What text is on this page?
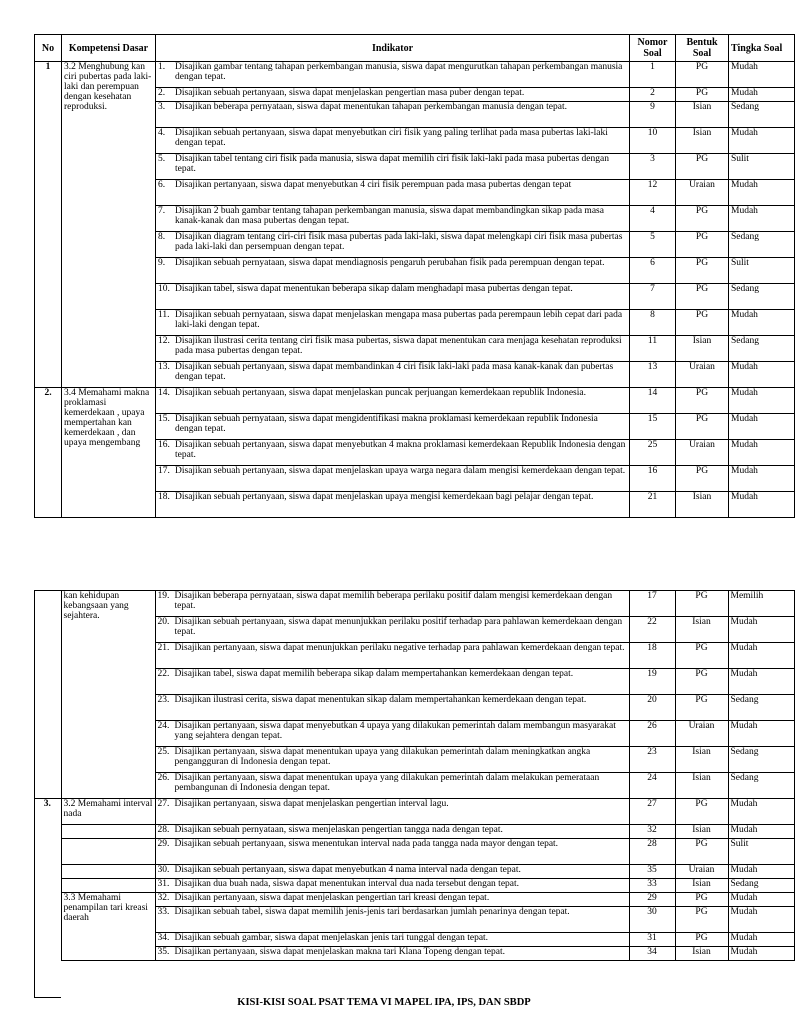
No	Kompetensi Dasar	Indikator	Nomor Soal	Bentuk Soal	Tingka Soal
1	3.2 Menghubung kan ciri pubertas pada laki-laki dan perempuan dengan kesehatan reproduksi.	1. Disajikan gambar tentang tahapan perkembangan manusia, siswa dapat mengurutkan tahapan perkembangan manusia dengan tepat.	1	PG	Mudah

		2. Disajikan sebuah pertanyaan, siswa dapat menjelaskan pengertian masa puber dengan tepat.	2	PG	Mudah

		3. Disajikan beberapa pernyataan, siswa dapat menentukan tahapan perkembangan manusia dengan tepat.	9	Isian	Sedang

		4. Disajikan sebuah pertanyaan, siswa dapat menyebutkan ciri fisik yang paling terlihat pada masa pubertas laki-laki dengan tepat.	10	Isian	Mudah

		5. Disajikan tabel tentang ciri fisik pada manusia, siswa dapat memilih ciri fisik laki-laki pada masa pubertas dengan tepat.	3	PG	Sulit

		6. Disajikan pertanyaan, siswa dapat menyebutkan 4 ciri fisik perempuan pada masa pubertas dengan tepat	12	Uraian	Mudah

		7. Disajikan 2 buah gambar tentang tahapan perkembangan manusia, siswa dapat membandingkan sikap pada masa kanak-kanak dan masa pubertas dengan tepat.	4	PG	Mudah

		8. Disajikan diagram tentang ciri-ciri fisik masa pubertas pada laki-laki, siswa dapat melengkapi ciri fisik masa pubertas pada laki-laki dan persempuan dengan tepat.	5	PG	Sedang

		9. Disajikan sebuah pernyataan, siswa dapat mendiagnosis pengaruh perubahan fisik pada perempuan dengan tepat.	6	PG	Sulit

		10. Disajikan tabel, siswa dapat menentukan beberapa sikap dalam menghadapi masa pubertas dengan tepat.	7	PG	Sedang

		11. Disajikan sebuah pernyataan, siswa dapat menjelaskan mengapa masa pubertas pada perempaun lebih cepat dari pada laki-laki dengan tepat.	8	PG	Mudah

		12. Disajikan ilustrasi cerita tentang ciri fisik masa pubertas, siswa dapat menentukan cara menjaga kesehatan reproduksi pada masa pubertas dengan tepat.	11	Isian	Sedang

		13. Disajikan sebuah pertanyaan, siswa dapat membandinkan 4 ciri fisik laki-laki pada masa kanak-kanak dan pubertas dengan tepat.	13	Uraian	Mudah
2.	3.4 Memahami makna proklamasi kemerdekaan , upaya mempertahan kan kemerdekaan , dan upaya mengembang	14. Disajikan sebuah pertanyaan, siswa dapat menjelaskan puncak perjuangan kemerdekaan republik Indonesia.	14	PG	Mudah

		15. Disajikan sebuah pernyataan, siswa dapat mengidentifikasi makna proklamasi kemerdekaan republik Indonesia dengan tepat.	15	PG	Mudah

		16. Disajikan sebuah pertanyaan, siswa dapat menyebutkan 4 makna proklamasi kemerdekaan Republik Indonesia dengan tepat.	25	Uraian	Mudah

		17. Disajikan sebuah pertanyaan, siswa dapat menjelaskan upaya warga negara dalam mengisi kemerdekaan dengan tepat.	16	PG	Mudah

		18. Disajikan sebuah pertanyaan, siswa dapat menjelaskan upaya mengisi kemerdekaan bagi pelajar dengan tepat.	21	Isian	Mudah

	kan kehidupan kebangsaan yang sejahtera.	19. Disajikan beberapa pernyataan, siswa dapat memilih beberapa perilaku positif dalam mengisi kemerdekaan dengan tepat.	17	PG	Memilih

		20. Disajikan sebuah pertanyaan, siswa dapat menunjukkan perilaku positif terhadap para pahlawan kemerdekaan dengan tepat.	22	Isian	Mudah

		21. Disajikan pertanyaan, siswa dapat menunjukkan perilaku negative terhadap para pahlawan kemerdekaan dengan tepat.	18	PG	Mudah

		22. Disajikan tabel, siswa dapat memilih beberapa sikap dalam mempertahankan kemerdekaan dengan tepat.	19	PG	Mudah

		23. Disajikan ilustrasi cerita, siswa dapat menentukan sikap dalam mempertahankan kemerdekaan dengan tepat.	20	PG	Sedang

		24. Disajikan pertanyaan, siswa dapat menyebutkan 4 upaya yang dilakukan pemerintah dalam membangun masyarakat yang sejahtera dengan tepat.	26	Uraian	Mudah

		25. Disajikan pertanyaan, siswa dapat menentukan upaya yang dilakukan pemerintah dalam meningkatkan angka pengangguran di Indonesia dengan tepat.	23	Isian	Sedang

		26. Disajikan pertanyaan, siswa dapat menentukan upaya yang dilakukan pemerintah dalam melakukan pemerataan pembangunan di Indonesia dengan tepat.	24	Isian	Sedang
3.	3.2 Memahami interval nada	27. Disajikan pertanyaan, siswa dapat menjelaskan pengertian interval lagu.	27	PG	Mudah

		28. Disajikan sebuah pernyataan, siswa menjelaskan pengertian tangga nada dengan tepat.	32	Isian	Mudah

		29. Disajikan sebuah pertanyaan, siswa menentukan interval nada pada tangga nada mayor dengan tepat.	28	PG	Sulit

		30. Disajikan sebuah pertanyaan, siswa dapat menyebutkan 4 nama interval nada dengan tepat.	35	Uraian	Mudah

		31. Disajikan dua buah nada, siswa dapat menentukan interval dua nada tersebut dengan tepat.	33	Isian	Sedang

	3.3 Memahami penampilan tari kreasi daerah	32. Disajikan pertanyaan, siswa dapat menjelaskan pengertian tari kreasi dengan tepat.	29	PG	Mudah

		33. Disajikan sebuah tabel, siswa dapat memilih jenis-jenis tari berdasarkan jumlah penarinya dengan tepat.	30	PG	Mudah

		34. Disajikan sebuah gambar, siswa dapat menjelaskan jenis tari tunggal dengan tepat.	31	PG	Mudah

		35. Disajikan pertanyaan, siswa dapat menjelaskan makna tari Klana Topeng dengan tepat.	34	Isian	Mudah
KISI-KISI SOAL PSAT TEMA VI MAPEL IPA, IPS, DAN SBDP
